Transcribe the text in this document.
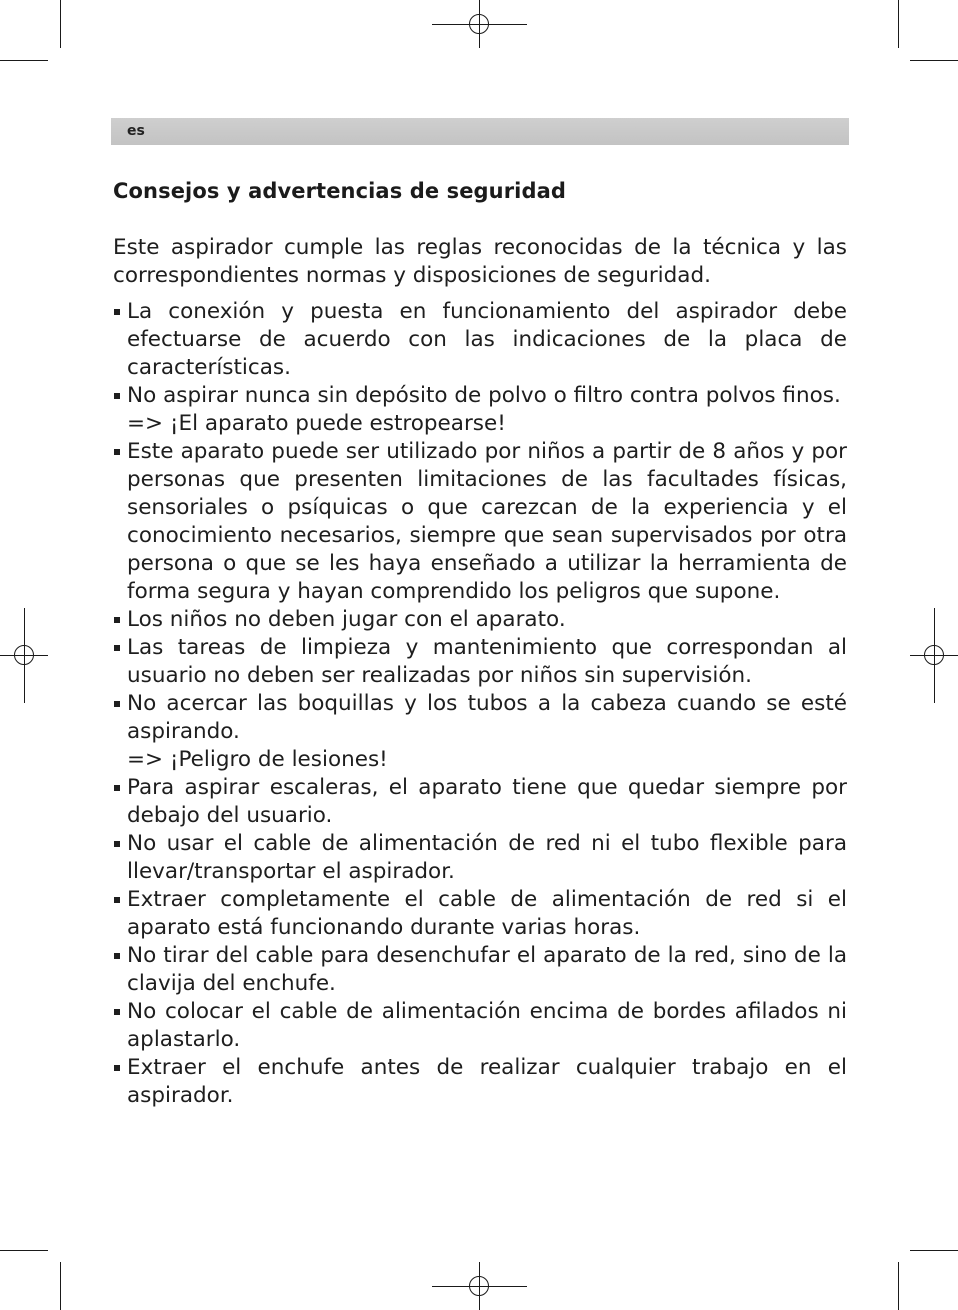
es
Consejos y advertencias de seguridad

Este aspirador cumple las reglas reconocidas de la técnica y las correspondientes normas y disposiciones de seguridad.

La conexión y puesta en funcionamiento del aspirador debe efectuarse de acuerdo con las indicaciones de la placa de características.
No aspirar nunca sin depósito de polvo o filtro contra polvos finos.
=> ¡El aparato puede estropearse!
Este aparato puede ser utilizado por niños a partir de 8 años y por personas que presenten limitaciones de las facultades físicas, sensoriales o psíquicas o que carezcan de la experiencia y el conocimiento necesarios, siempre que sean supervisados por otra persona o que se les haya enseñado a utilizar la herramienta de forma segura y hayan comprendido los peligros que supone.
Los niños no deben jugar con el aparato.
Las tareas de limpieza y mantenimiento que correspondan al usuario no deben ser realizadas por niños sin supervisión.
No acercar las boquillas y los tubos a la cabeza cuando se esté aspirando.
=> ¡Peligro de lesiones!
Para aspirar escaleras, el aparato tiene que quedar siempre por debajo del usuario.
No usar el cable de alimentación de red ni el tubo flexible para llevar/transportar el aspirador.
Extraer completamente el cable de alimentación de red si el aparato está funcionando durante varias horas.
No tirar del cable para desenchufar el aparato de la red, sino de la clavija del enchufe.
No colocar el cable de alimentación encima de bordes afilados ni aplastarlo.
Extraer el enchufe antes de realizar cualquier trabajo en el aspirador.
